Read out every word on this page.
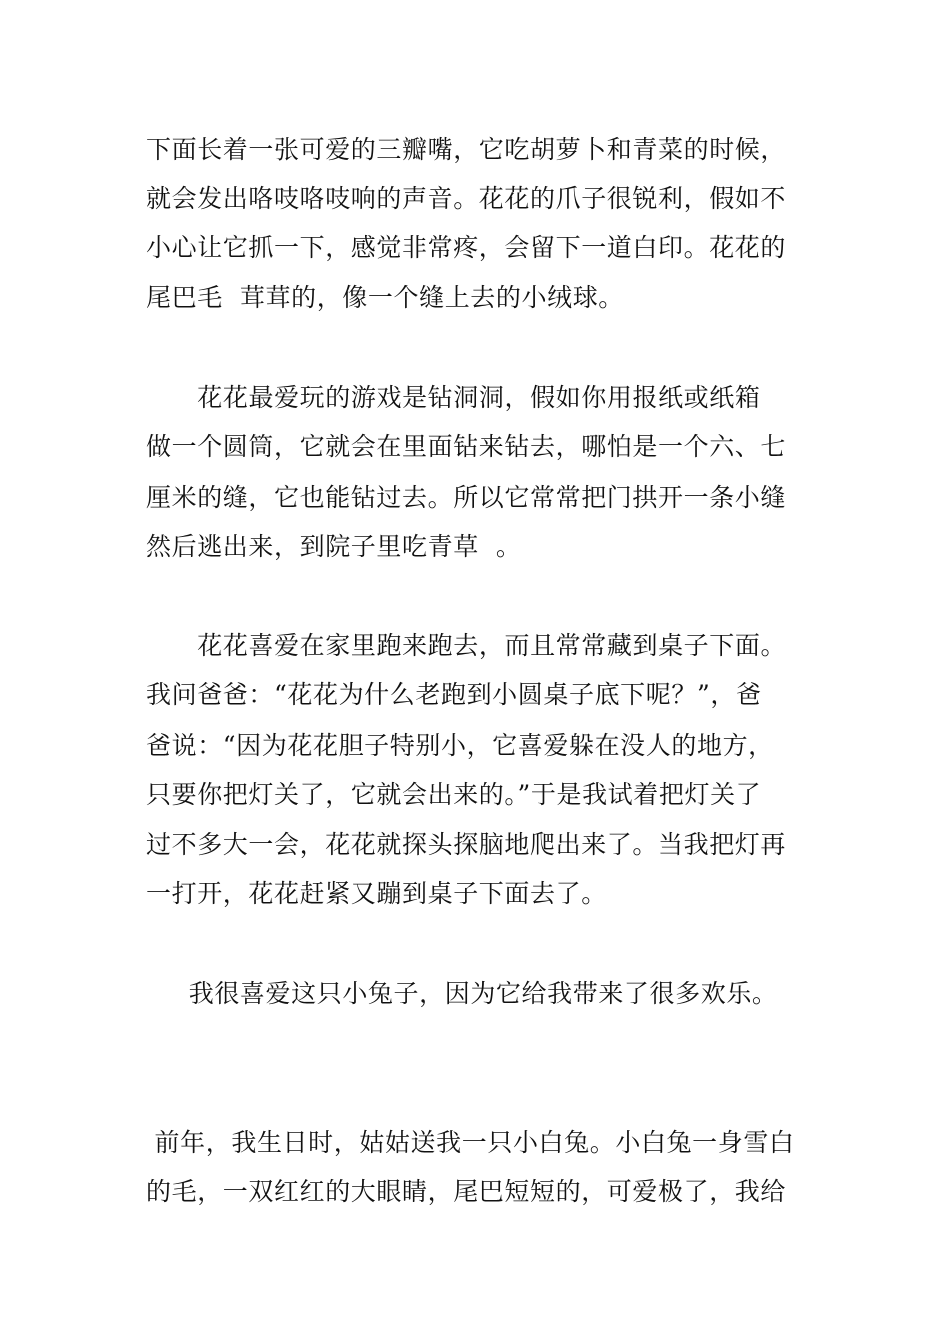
下面长着一张可爱的三瓣嘴，它吃胡萝卜和青菜的时候，
就会发出咯吱咯吱响的声音。花花的爪子很锐利，假如不
小心让它抓一下，感觉非常疼，会留下一道白印。花花的
尾巴毛  茸茸的，像一个缝上去的小绒球。
花花最爱玩的游戏是钻洞洞，假如你用报纸或纸箱
做一个圆筒，它就会在里面钻来钻去，哪怕是一个六、七
厘米的缝，它也能钻过去。所以它常常把门拱开一条小缝
然后逃出来，到院子里吃青草  。
花花喜爱在家里跑来跑去，而且常常藏到桌子下面。
我问爸爸：“花花为什么老跑到小圆桌子底下呢？”，爸
爸说：“因为花花胆子特别小，它喜爱躲在没人的地方，
只要你把灯关了，它就会出来的。”于是我试着把灯关了
过不多大一会，花花就探头探脑地爬出来了。当我把灯再
一打开，花花赶紧又蹦到桌子下面去了。
我很喜爱这只小兔子，因为它给我带来了很多欢乐。
前年，我生日时，姑姑送我一只小白兔。小白兔一身雪白
的毛，一双红红的大眼睛，尾巴短短的，可爱极了，我给
